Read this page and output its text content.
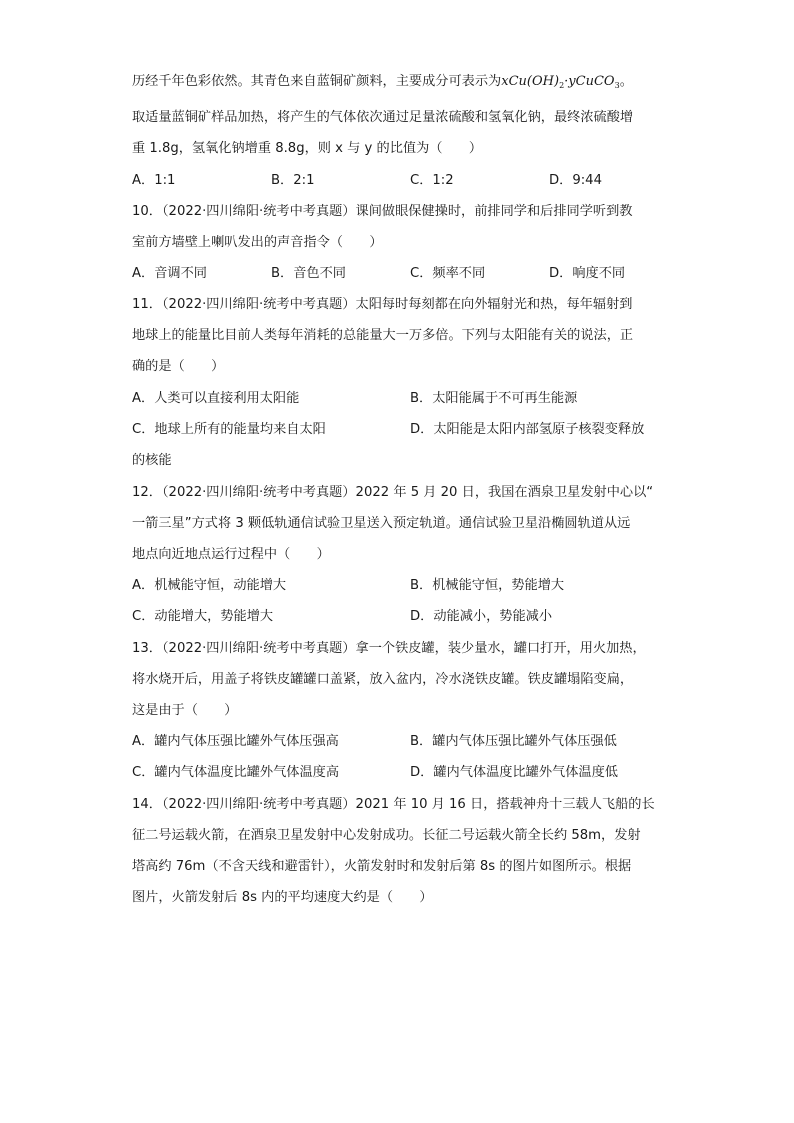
历经千年色彩依然。其青色来自蓝铜矿颜料，主要成分可表示为$xCu(OH)_2\cdot yCuCO_3$。
取适量蓝铜矿样品加热，将产生的气体依次通过足量浓硫酸和氢氧化钠，最终浓硫酸增
重 1.8g，氢氧化钠增重 8.8g，则 x 与 y 的比值为（　　）
A．1:1	B．2:1	C．1:2	D．9:44
10．（2022·四川绵阳·统考中考真题）课间做眼保健操时，前排同学和后排同学听到教
室前方墙壁上喇叭发出的声音指令（　　）
A．音调不同	B．音色不同	C．频率不同	D．响度不同
11．（2022·四川绵阳·统考中考真题）太阳每时每刻都在向外辐射光和热，每年辐射到
地球上的能量比目前人类每年消耗的总能量大一万多倍。下列与太阳能有关的说法，正
确的是（　　）
A．人类可以直接利用太阳能	B．太阳能属于不可再生能源
C．地球上所有的能量均来自太阳	D．太阳能是太阳内部氢原子核裂变释放
的核能
12．（2022·四川绵阳·统考中考真题）2022 年 5 月 20 日，我国在酒泉卫星发射中心以“
一箭三星”方式将 3 颗低轨通信试验卫星送入预定轨道。通信试验卫星沿椭圆轨道从远
地点向近地点运行过程中（　　）
A．机械能守恒，动能增大	B．机械能守恒，势能增大
C．动能增大，势能增大	D．动能减小，势能减小
13．（2022·四川绵阳·统考中考真题）拿一个铁皮罐，装少量水，罐口打开，用火加热，
将水烧开后，用盖子将铁皮罐罐口盖紧，放入盆内，冷水浇铁皮罐。铁皮罐塌陷变扁，
这是由于（　　）
A．罐内气体压强比罐外气体压强高	B．罐内气体压强比罐外气体压强低
C．罐内气体温度比罐外气体温度高	D．罐内气体温度比罐外气体温度低
14．（2022·四川绵阳·统考中考真题）2021 年 10 月 16 日，搭载神舟十三载人飞船的长
征二号运载火箭，在酒泉卫星发射中心发射成功。长征二号运载火箭全长约 58m，发射
塔高约 76m（不含天线和避雷针），火箭发射时和发射后第 8s 的图片如图所示。根据
图片，火箭发射后 8s 内的平均速度大约是（　　）
